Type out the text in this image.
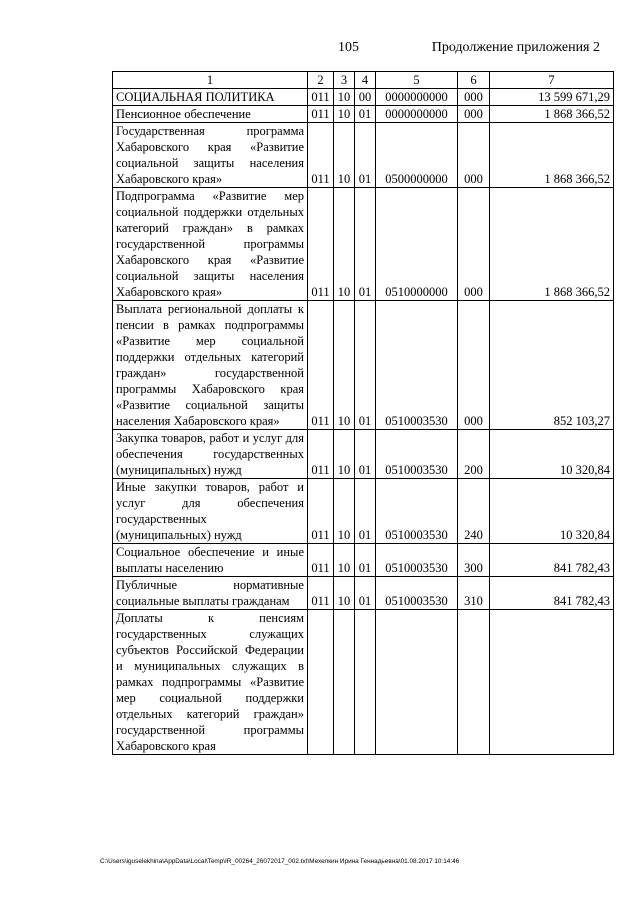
105	Продолжение приложения 2
1	2	3	4	5	6	7
СОЦИАЛЬНАЯ ПОЛИТИКА	011	10	00	0000000000	000	13 599 671,29
Пенсионное обеспечение	011	10	01	0000000000	000	1 868 366,52
Государственная программа Хабаровского края «Развитие социальной защиты населения Хабаровского края»	011	10	01	0500000000	000	1 868 366,52
Подпрограмма «Развитие мер социальной поддержки отдельных категорий граждан» в рамках государственной программы Хабаровского края «Развитие социальной защиты населения Хабаровского края»	011	10	01	0510000000	000	1 868 366,52
Выплата региональной доплаты к пенсии в рамках подпрограммы «Развитие мер социальной поддержки отдельных категорий граждан» государственной программы Хабаровского края «Развитие социальной защиты населения Хабаровского края»	011	10	01	0510003530	000	852 103,27
Закупка товаров, работ и услуг для обеспечения государственных (муниципальных) нужд	011	10	01	0510003530	200	10 320,84
Иные закупки товаров, работ и услуг для обеспечения государственных (муниципальных) нужд	011	10	01	0510003530	240	10 320,84
Социальное обеспечение и иные выплаты населению	011	10	01	0510003530	300	841 782,43
Публичные нормативные социальные выплаты гражданам	011	10	01	0510003530	310	841 782,43
Доплаты к пенсиям государственных служащих субъектов Российской Федерации и муниципальных служащих в рамках подпрограммы «Развитие мер социальной поддержки отдельных категорий граждан» государственной программы Хабаровского края						
C:\Users\iguselekhina\AppData\Local\Temp\IR_00264_26072017_002.txt\Мехелкин Ирина Геннадьевна\01.08.2017 10:14:46
